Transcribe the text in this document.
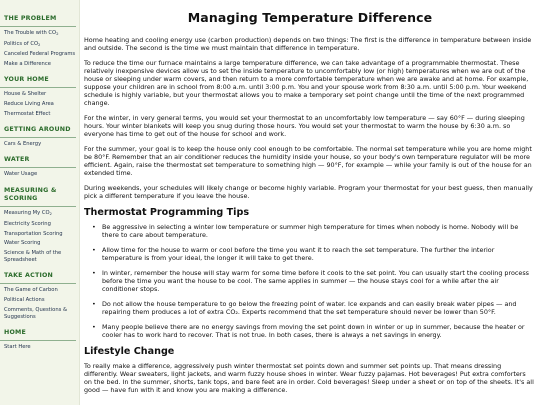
THE PROBLEM
The Trouble with $CO_2$
Politics of $CO_2$
Canceled Federal Programs
Make a Difference
YOUR HOME
House & Shelter
Reduce Living Area
Thermostat Effect
GETTING AROUND
Cars & Energy
WATER
Water Usage
MEASURING & SCORING
Measuring My $CO_2$
Electricity Scoring
Transportation Scoring
Water Scoring
Science & Math of the Spreadsheet
TAKE ACTION
The Game of Carbon
Political Actions
Comments, Questions & Suggestions
HOME
Start Here
Managing Temperature Difference

Home heating and cooling energy use (carbon production) depends on two things: The first is the difference in temperature between inside and outside. The second is the time we must maintain that difference in temperature.

To reduce the time our furnace maintains a large temperature difference, we can take advantage of a programmable thermostat. These relatively inexpensive devices allow us to set the inside temperature to uncomfortably low (or high) temperatures when we are out of the house or sleeping under warm covers, and then return to a more comfortable temperature when we are awake and at home. For example, suppose your children are in school from 8:00 a.m. until 3:00 p.m. You and your spouse work from 8:30 a.m. until 5:00 p.m. Your weekend schedule is highly variable, but your thermostat allows you to make a temporary set point change until the time of the next programmed change.

For the winter, in very general terms, you would set your thermostat to an uncomfortably low temperature — say 60°F — during sleeping hours. Your winter blankets will keep you snug during those hours. You would set your thermostat to warm the house by 6:30 a.m. so everyone has time to get out of the house for school and work.

For the summer, your goal is to keep the house only cool enough to be comfortable. The normal set temperature while you are home might be 80°F. Remember that an air conditioner reduces the humidity inside your house, so your body's own temperature regulator will be more efficient. Again, raise the thermostat set temperature to something high — 90°F, for example — while your family is out of the house for an extended time.

During weekends, your schedules will likely change or become highly variable. Program your thermostat for your best guess, then manually pick a different temperature if you leave the house.

Thermostat Programming Tips
• Be aggressive in selecting a winter low temperature or summer high temperature for times when nobody is home. Nobody will be there to care about temperature.
• Allow time for the house to warm or cool before the time you want it to reach the set temperature. The further the interior temperature is from your ideal, the longer it will take to get there.
• In winter, remember the house will stay warm for some time before it cools to the set point. You can usually start the cooling process before the time you want the house to be cool. The same applies in summer — the house stays cool for a while after the air conditioner stops.
• Do not allow the house temperature to go below the freezing point of water. Ice expands and can easily break water pipes — and repairing them produces a lot of extra CO₂. Experts recommend that the set temperature should never be lower than 50°F.
• Many people believe there are no energy savings from moving the set point down in winter or up in summer, because the heater or cooler has to work hard to recover. That is not true. In both cases, there is always a net savings in energy.
Lifestyle Change

To really make a difference, aggressively push winter thermostat set points down and summer set points up. That means dressing differently. Wear sweaters, light jackets, and warm fuzzy house shoes in winter. Wear fuzzy pajamas. Hot beverages! Put extra comforters on the bed. In the summer, shorts, tank tops, and bare feet are in order. Cold beverages! Sleep under a sheet or on top of the sheets. It's all good — have fun with it and know you are making a difference.
